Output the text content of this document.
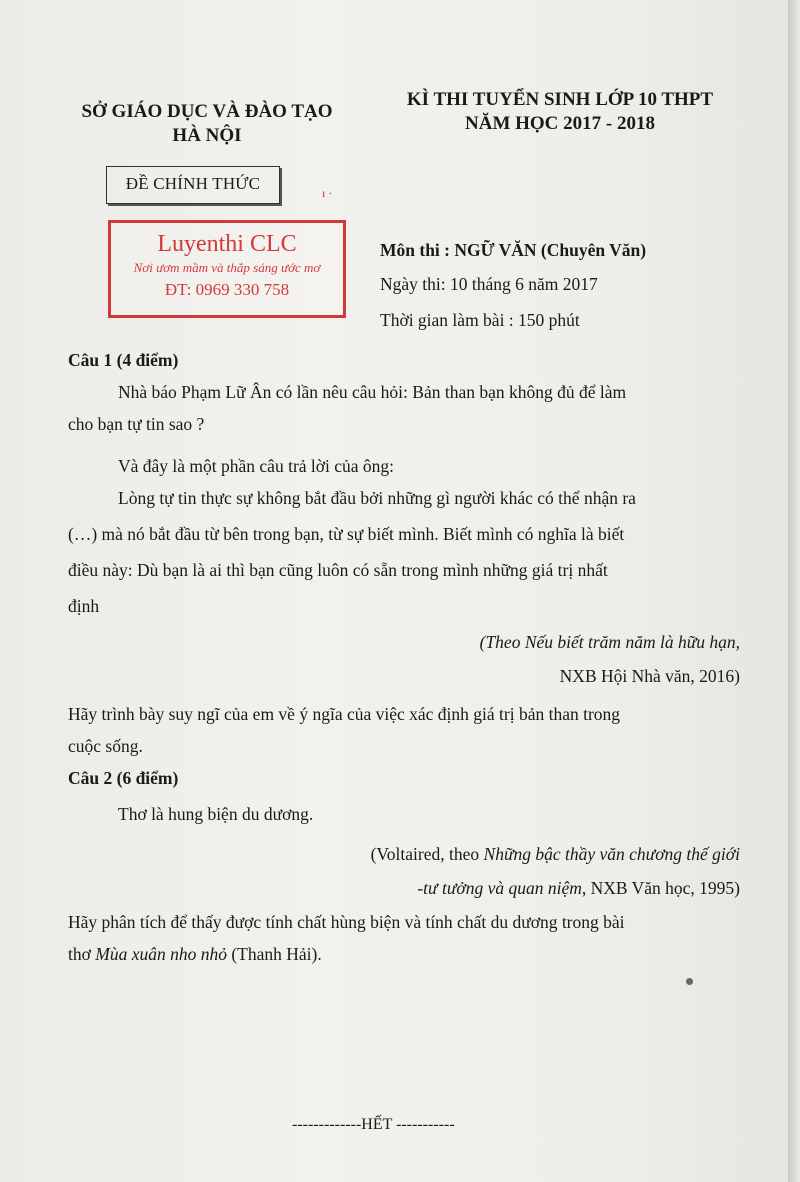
SỞ GIÁO DỤC VÀ ĐÀO TẠO
HÀ NỘI
KÌ THI TUYỂN SINH LỚP 10 THPT
NĂM HỌC 2017 - 2018
ĐỀ CHÍNH THỨC	ı ·
Luyenthi CLC
Nơi ươm mầm và thắp sáng ước mơ
ĐT: 0969 330 758
Môn thi : NGỮ VĂN (Chuyên Văn)
Ngày thi: 10 tháng 6 năm 2017
Thời gian làm bài : 150 phút
Câu 1 (4 điểm)
Nhà báo Phạm Lữ Ân có lần nêu câu hỏi: Bản than bạn không đủ để làm
cho bạn tự tin sao ?
Và đây là một phần câu trả lời của ông:
Lòng tự tin thực sự không bắt đầu bởi những gì người khác có thể nhận ra
(…) mà nó bắt đầu từ bên trong bạn, từ sự biết mình. Biết mình có nghĩa là biết
điều này: Dù bạn là ai thì bạn cũng luôn có sẵn trong mình những giá trị nhất
định
(Theo Nếu biết trăm năm là hữu hạn,
NXB Hội Nhà văn, 2016)
Hãy trình bày suy ngĩ của em về ý ngĩa của việc xác định giá trị bản than trong
cuộc sống.
Câu 2 (6 điểm)
Thơ là hung biện du dương.
(Voltaired, theo Những bậc thầy văn chương thế giới
-tư tưởng và quan niệm, NXB Văn học, 1995)
Hãy phân tích để thấy được tính chất hùng biện và tính chất du dương trong bài
thơ Mùa xuân nho nhỏ (Thanh Hải).
-------------HẾT -----------
